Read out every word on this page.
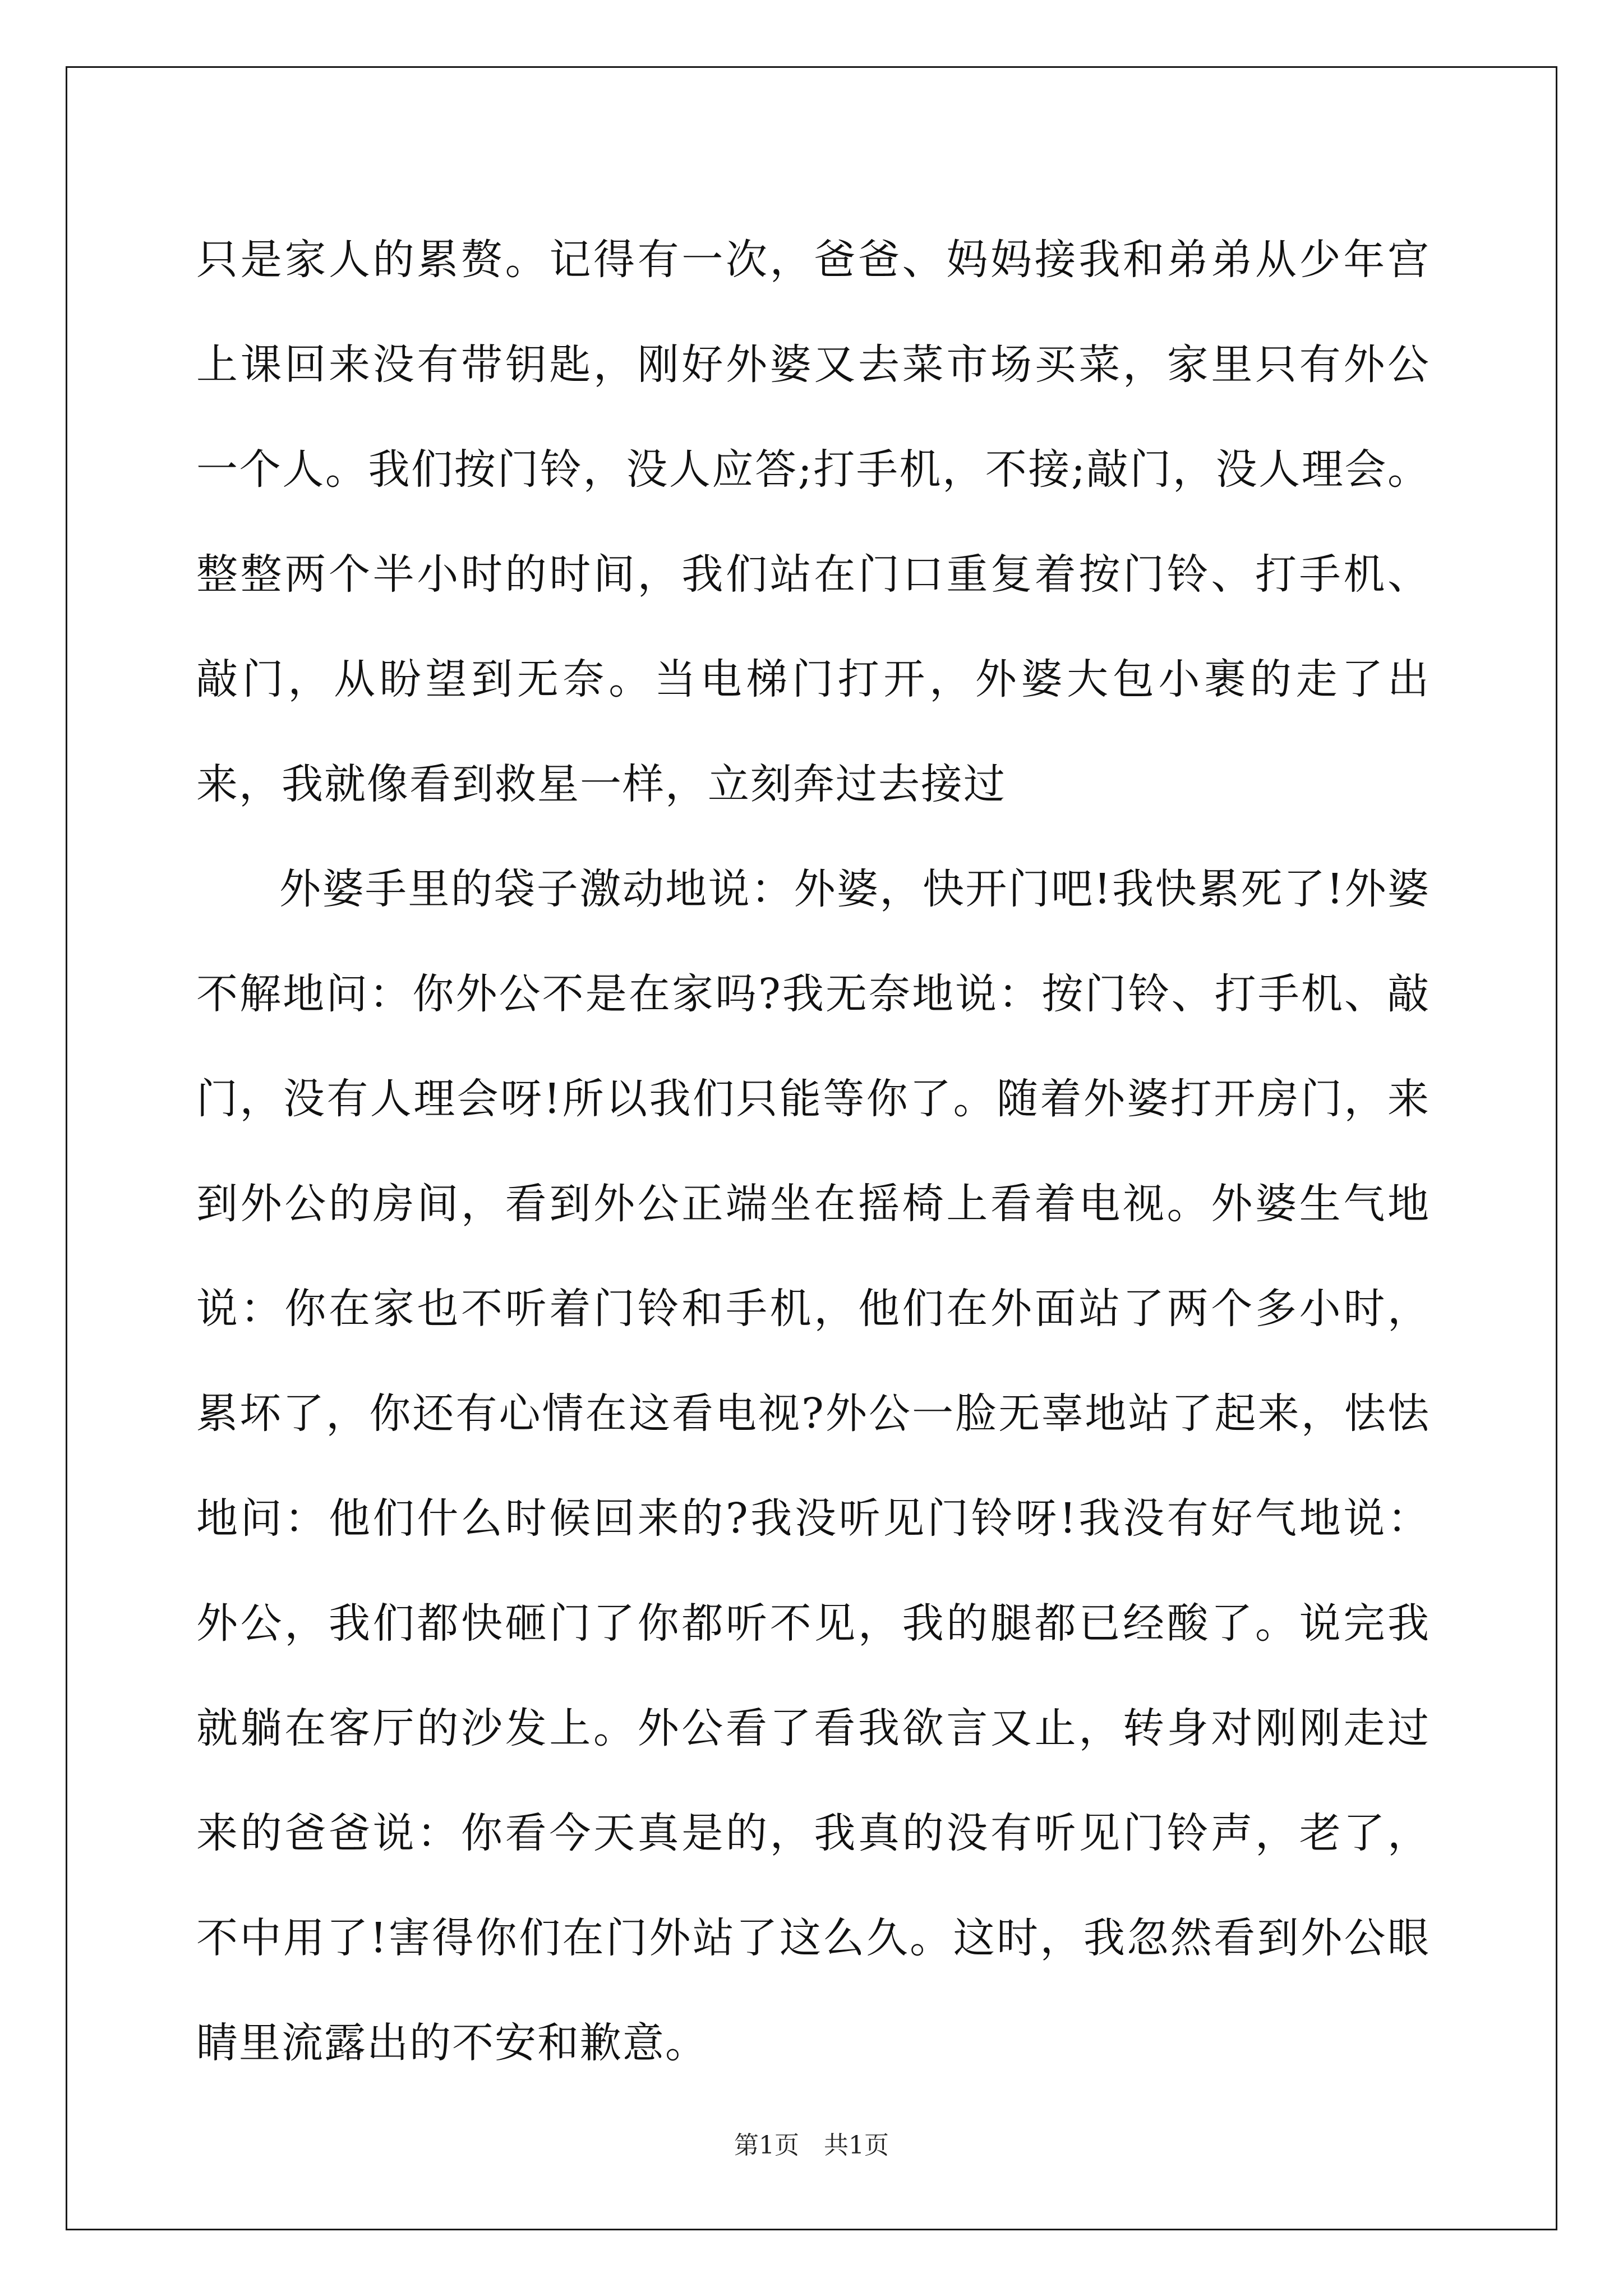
只是家人的累赘。记得有一次，爸爸、妈妈接我和弟弟从少年宫上课回来没有带钥匙，刚好外婆又去菜市场买菜，家里只有外公一个人。我们按门铃，没人应答;打手机，不接;敲门，没人理会。整整两个半小时的时间，我们站在门口重复着按门铃、打手机、敲门，从盼望到无奈。当电梯门打开，外婆大包小裹的走了出来，我就像看到救星一样，立刻奔过去接过

外婆手里的袋子激动地说：外婆，快开门吧!我快累死了!外婆不解地问：你外公不是在家吗?我无奈地说：按门铃、打手机、敲门，没有人理会呀!所以我们只能等你了。随着外婆打开房门，来到外公的房间，看到外公正端坐在摇椅上看着电视。外婆生气地说：你在家也不听着门铃和手机，他们在外面站了两个多小时，累坏了，你还有心情在这看电视?外公一脸无辜地站了起来，怯怯地问：他们什么时候回来的?我没听见门铃呀!我没有好气地说：外公，我们都快砸门了你都听不见，我的腿都已经酸了。说完我就躺在客厅的沙发上。外公看了看我欲言又止，转身对刚刚走过来的爸爸说：你看今天真是的，我真的没有听见门铃声，老了，不中用了!害得你们在门外站了这么久。这时，我忽然看到外公眼睛里流露出的不安和歉意。

第1页　共1页
